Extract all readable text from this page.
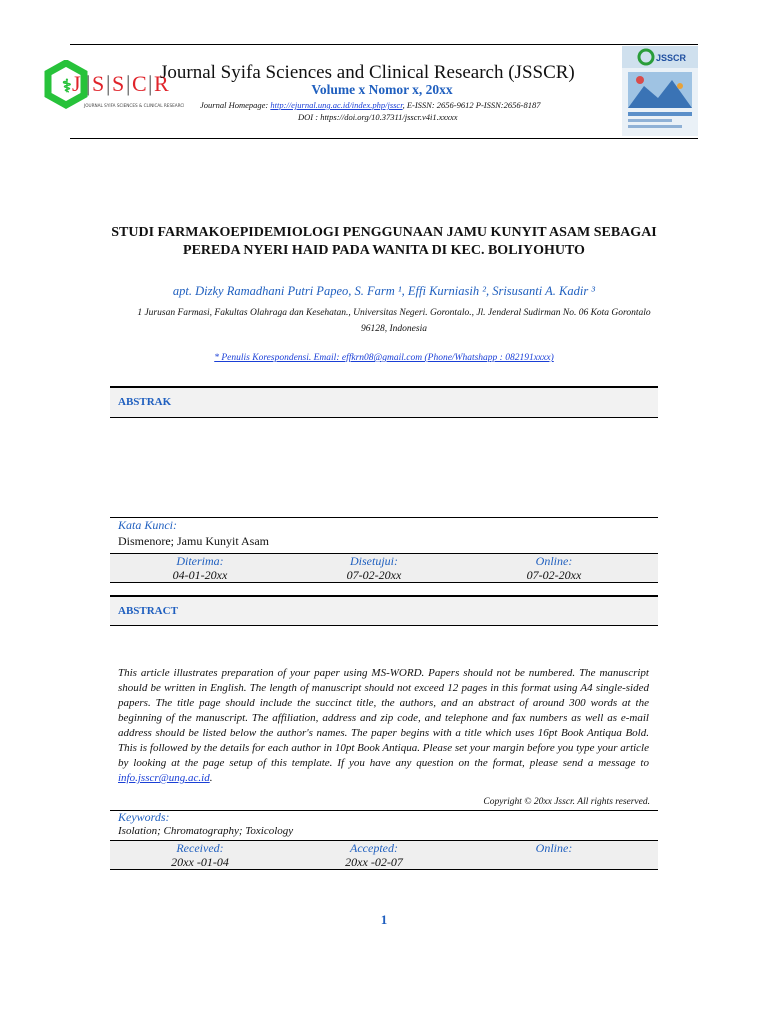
⚕ J | S | S | C | R
JOURNAL SYIFA SCIENCES & CLINICAL RESEARCH
Journal Syifa Sciences and Clinical Research (JSSCR)
Volume x Nomor x, 20xx
Journal Homepage: http://ejurnal.ung.ac.id/index.php/jsscr, E-ISSN: 2656-9612 P-ISSN:2656-8187
DOI : https://doi.org/10.37311/jsscr.v4i1.xxxxx
JSSCR
STUDI FARMAKOEPIDEMIOLOGI PENGGUNAAN JAMU KUNYIT ASAM SEBAGAI PEREDA NYERI HAID PADA WANITA DI KEC. BOLIYOHUTO
apt. Dizky Ramadhani Putri Papeo, S. Farm ¹, Effi Kurniasih ², Srisusanti A. Kadir ³
1 Jurusan Farmasi, Fakultas Olahraga dan Kesehatan., Universitas Negeri. Gorontalo., Jl. Jenderal Sudirman No. 06 Kota Gorontalo 96128, Indonesia
* Penulis Korespondensi. Email: effkrn08@gmail.com (Phone/Whatshapp : 082191xxxx)
ABSTRAK
Kata Kunci:
Dismenore; Jamu Kunyit Asam
Diterima:
04-01-20xx
Disetujui:
07-02-20xx
Online:
07-02-20xx
ABSTRACT
This article illustrates preparation of your paper using MS-WORD. Papers should not be numbered. The manuscript should be written in English. The length of manuscript should not exceed 12 pages in this format using A4 single-sided papers. The title page should include the succinct title, the authors, and an abstract of around 300 words at the beginning of the manuscript. The affiliation, address and zip code, and telephone and fax numbers as well as e-mail address should be listed below the author's names. The paper begins with a title which uses 16pt Book Antiqua Bold. This is followed by the details for each author in 10pt Book Antiqua. Please set your margin before you type your article by looking at the page setup of this template. If you have any question on the format, please send a message to info.jsscr@ung.ac.id.
Copyright © 20xx Jsscr. All rights reserved.
Keywords:
Isolation; Chromatography; Toxicology
Received:
20xx -01-04
Accepted:
20xx -02-07
Online:
1
